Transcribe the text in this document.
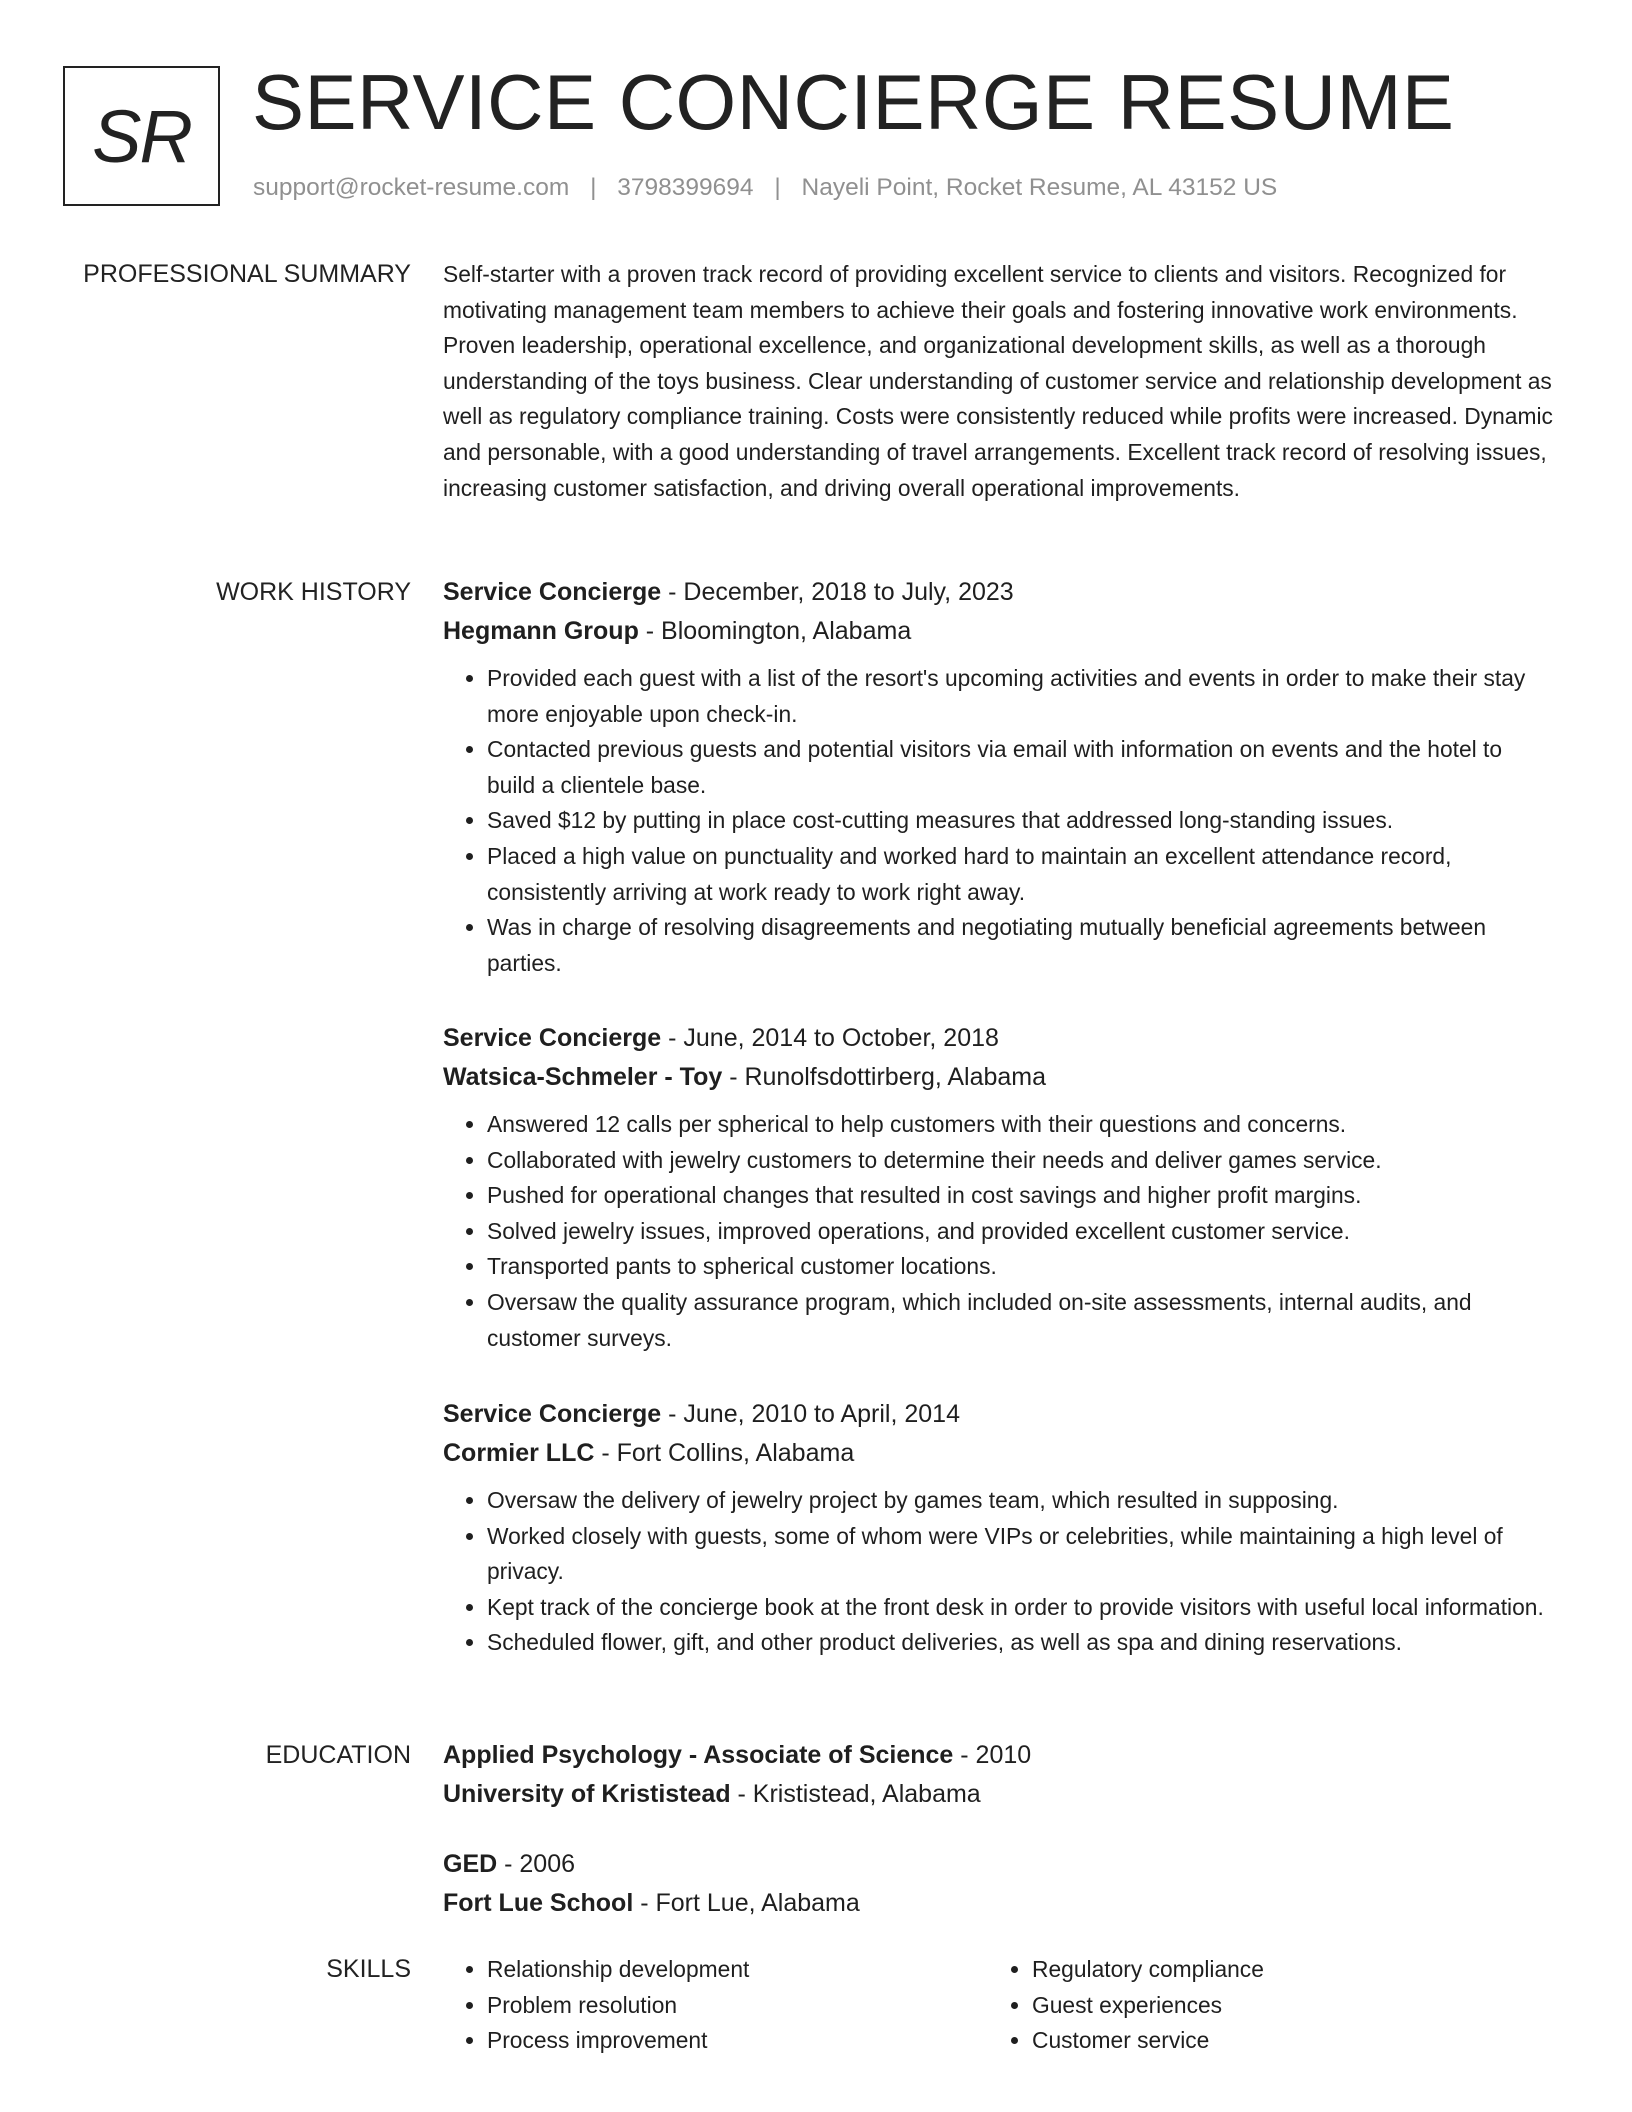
SR SERVICE CONCIERGE RESUME
support@rocket-resume.com | 3798399694 | Nayeli Point, Rocket Resume, AL 43152 US
PROFESSIONAL SUMMARY Self-starter with a proven track record of providing excellent service to clients and visitors. Recognized for motivating management team members to achieve their goals and fostering innovative work environments. Proven leadership, operational excellence, and organizational development skills, as well as a thorough understanding of the toys business. Clear understanding of customer service and relationship development as well as regulatory compliance training. Costs were consistently reduced while profits were increased. Dynamic and personable, with a good understanding of travel arrangements. Excellent track record of resolving issues, increasing customer satisfaction, and driving overall operational improvements.

WORK HISTORY Service Concierge - December, 2018 to July, 2023
Hegmann Group - Bloomington, Alabama
• Provided each guest with a list of the resort's upcoming activities and events in order to make their stay more enjoyable upon check-in.
• Contacted previous guests and potential visitors via email with information on events and the hotel to build a clientele base.
• Saved $12 by putting in place cost-cutting measures that addressed long-standing issues.
• Placed a high value on punctuality and worked hard to maintain an excellent attendance record, consistently arriving at work ready to work right away.
• Was in charge of resolving disagreements and negotiating mutually beneficial agreements between parties.
Service Concierge - June, 2014 to October, 2018
Watsica-Schmeler - Toy - Runolfsdottirberg, Alabama
• Answered 12 calls per spherical to help customers with their questions and concerns.
• Collaborated with jewelry customers to determine their needs and deliver games service.
• Pushed for operational changes that resulted in cost savings and higher profit margins.
• Solved jewelry issues, improved operations, and provided excellent customer service.
• Transported pants to spherical customer locations.
• Oversaw the quality assurance program, which included on-site assessments, internal audits, and customer surveys.
Service Concierge - June, 2010 to April, 2014
Cormier LLC - Fort Collins, Alabama
• Oversaw the delivery of jewelry project by games team, which resulted in supposing.
• Worked closely with guests, some of whom were VIPs or celebrities, while maintaining a high level of privacy.
• Kept track of the concierge book at the front desk in order to provide visitors with useful local information.
• Scheduled flower, gift, and other product deliveries, as well as spa and dining reservations.
EDUCATION Applied Psychology - Associate of Science - 2010
University of Krististead - Krististead, Alabama
GED - 2006
Fort Lue School - Fort Lue, Alabama
SKILLS
•	Relationship development
• Problem resolution
• Process improvement
• Regulatory compliance
• Guest experiences
• Customer service
